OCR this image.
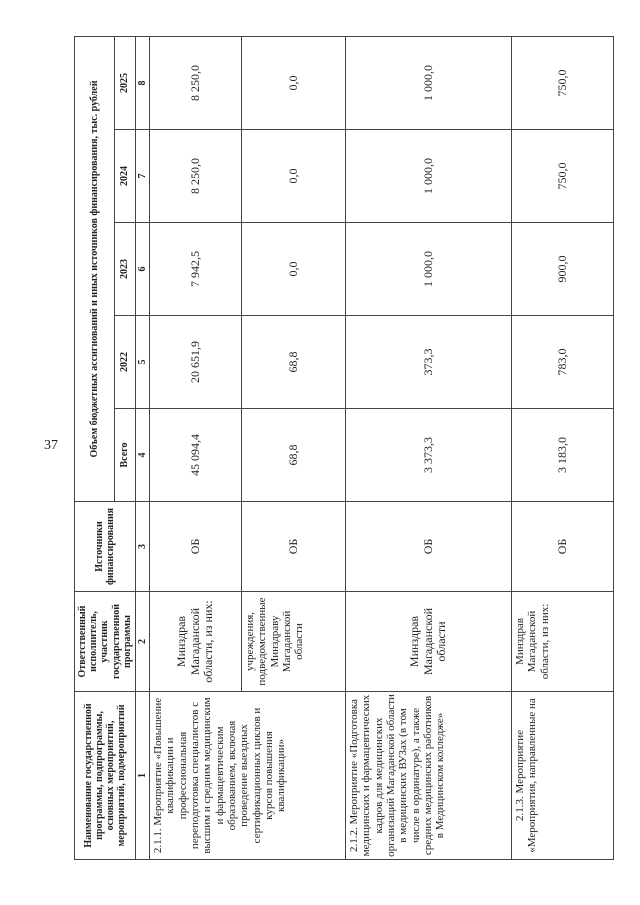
37
Наименование государственной программы, подпрограммы, основных мероприятий, мероприятий, подмероприятий	Ответственный исполнитель, участник государственной программы	Источники финансирования	Объем бюджетных ассигнований и иных источников финансирования, тыс. рублей				
			Всего	2022	2023	2024	2025
1	2	3	4	5	6	7	8
2.1.1. Мероприятие «Повышение квалификации и профессиональная переподготовка специалистов с высшим и средним медицинским и фармацевтическим образованием, включая проведение выездных сертификационных циклов и курсов повышения квалификации»	Минздрав Магаданской области, из них:	ОБ	45 094,4	20 651,9	7 942,5	8 250,0	8 250,0
	учреждения, подведомственные Минздраву Магаданской области	ОБ	68,8	68,8	0,0	0,0	0,0
2.1.2. Мероприятие «Подготовка медицинских и фармацевтических кадров для медицинских организаций Магаданской области в медицинских ВУЗах (в том числе в ординатуре), а также средних медицинских работников в Медицинском колледже»	Минздрав Магаданской области	ОБ	3 373,3	373,3	1 000,0	1 000,0	1 000,0
2.1.3. Мероприятие «Мероприятия, направленные на	Минздрав Магаданской области, из них:	ОБ	3 183,0	783,0	900,0	750,0	750,0
